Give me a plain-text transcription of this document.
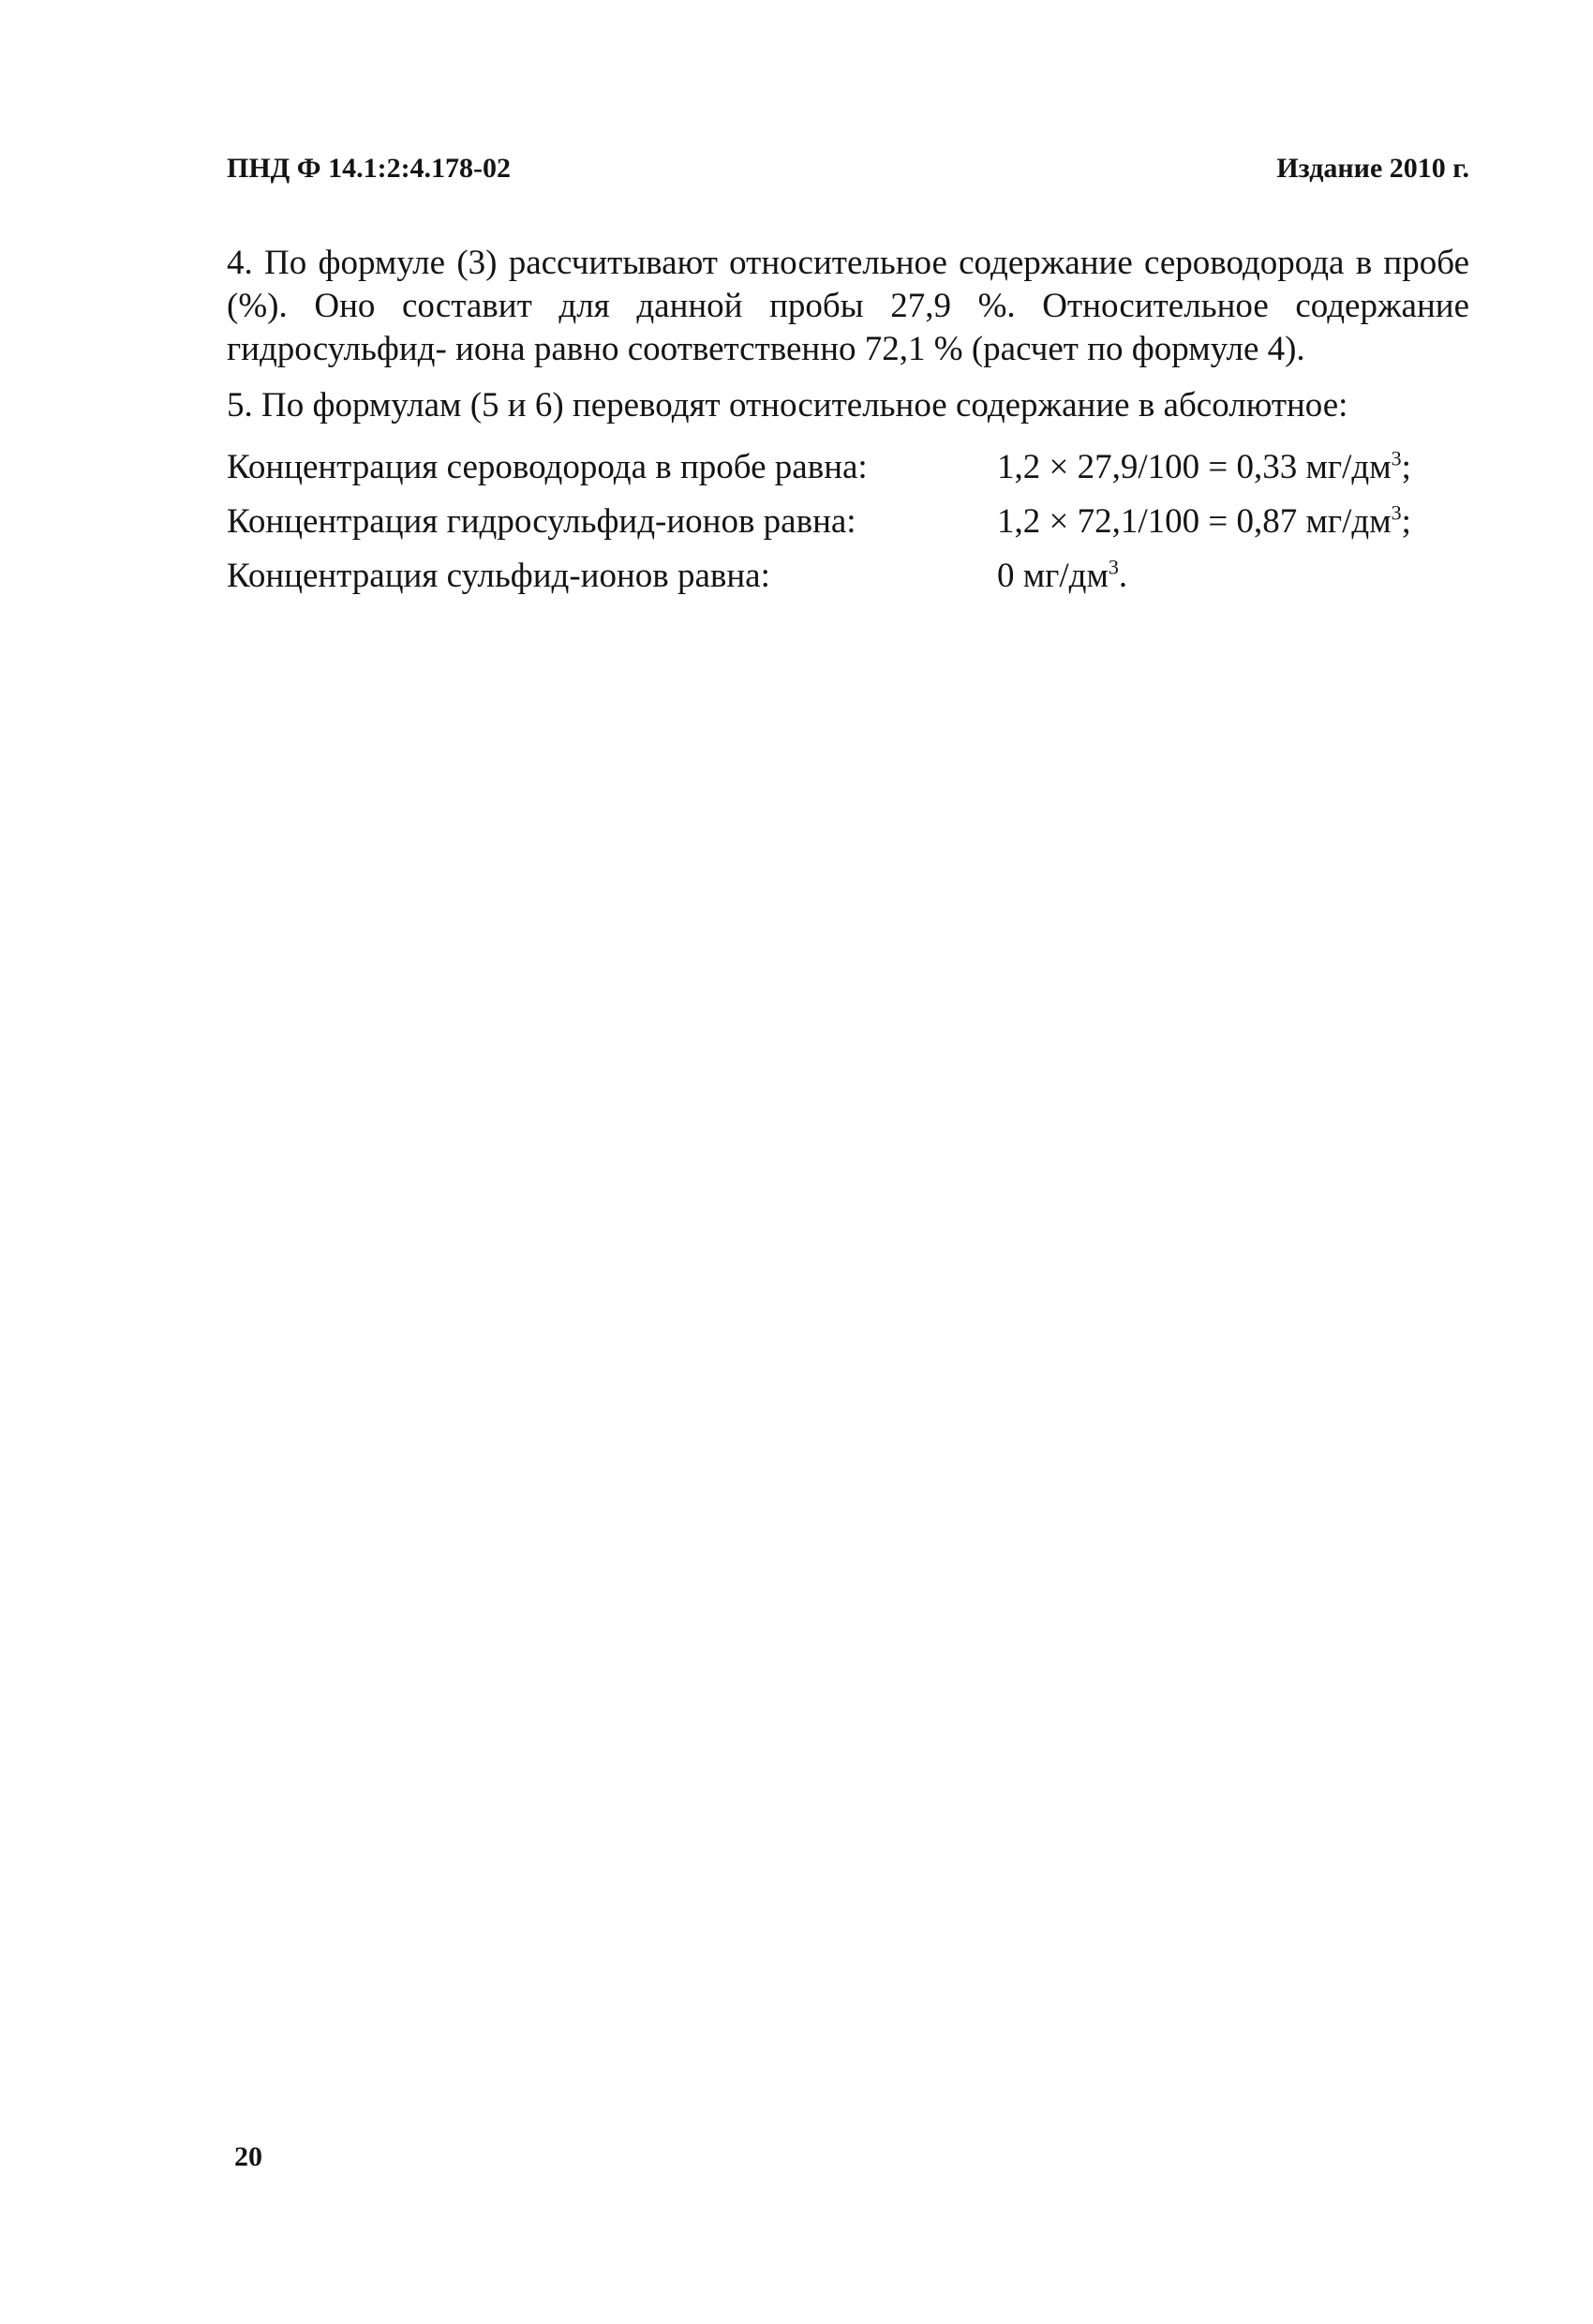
ПНД Ф 14.1:2:4.178-02	Издание 2010 г.

4. По формуле (3) рассчитывают относительное содержание сероводорода в пробе (%). Оно составит для данной пробы 27,9 %. Относительное содержание гидросульфид- иона равно соответственно 72,1 % (расчет по формуле 4).

5. По формулам (5 и 6) переводят относительное содержание в абсолютное:

Концентрация сероводорода в пробе равна:	1,2 × 27,9/100 = 0,33 $мг/дм^3$;
Концентрация гидросульфид-ионов равна:	1,2 × 72,1/100 = 0,87 $мг/дм^3$;
Концентрация сульфид-ионов равна:	0 $мг/дм^3$.
20
